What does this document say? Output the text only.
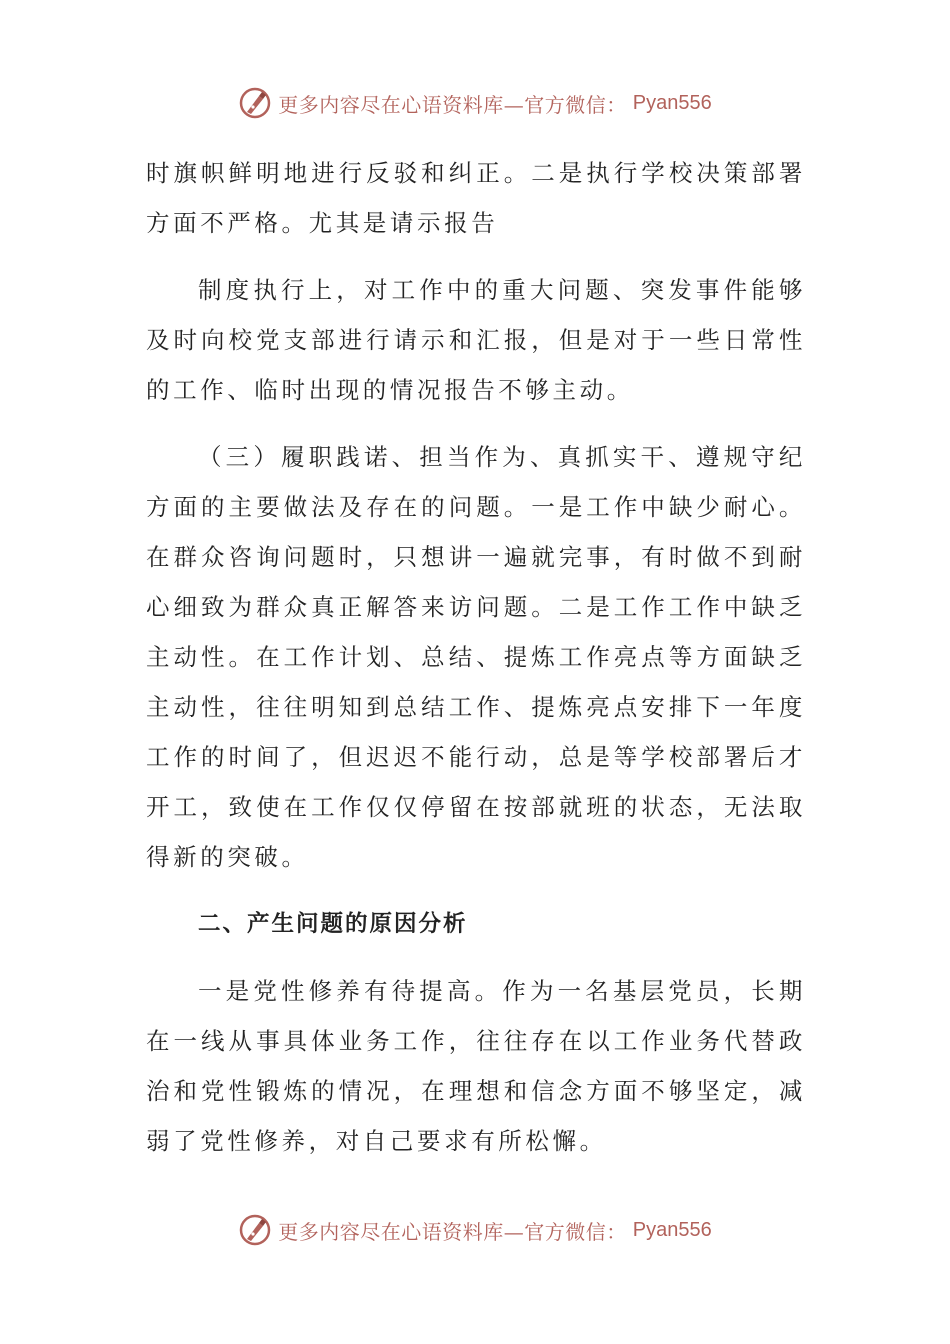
更多内容尽在心语资料库—官方微信： Pyan556

时旗帜鲜明地进行反驳和纠正。二是执行学校决策部署方面不严格。尤其是请示报告

制度执行上，对工作中的重大问题、突发事件能够及时向校党支部进行请示和汇报，但是对于一些日常性的工作、临时出现的情况报告不够主动。

（三）履职践诺、担当作为、真抓实干、遵规守纪方面的主要做法及存在的问题。一是工作中缺少耐心。在群众咨询问题时，只想讲一遍就完事，有时做不到耐心细致为群众真正解答来访问题。二是工作工作中缺乏主动性。在工作计划、总结、提炼工作亮点等方面缺乏主动性，往往明知到总结工作、提炼亮点安排下一年度工作的时间了，但迟迟不能行动，总是等学校部署后才开工，致使在工作仅仅停留在按部就班的状态，无法取得新的突破。

二、产生问题的原因分析

一是党性修养有待提高。作为一名基层党员，长期在一线从事具体业务工作，往往存在以工作业务代替政治和党性锻炼的情况，在理想和信念方面不够坚定，减弱了党性修养，对自己要求有所松懈。

更多内容尽在心语资料库—官方微信： Pyan556
